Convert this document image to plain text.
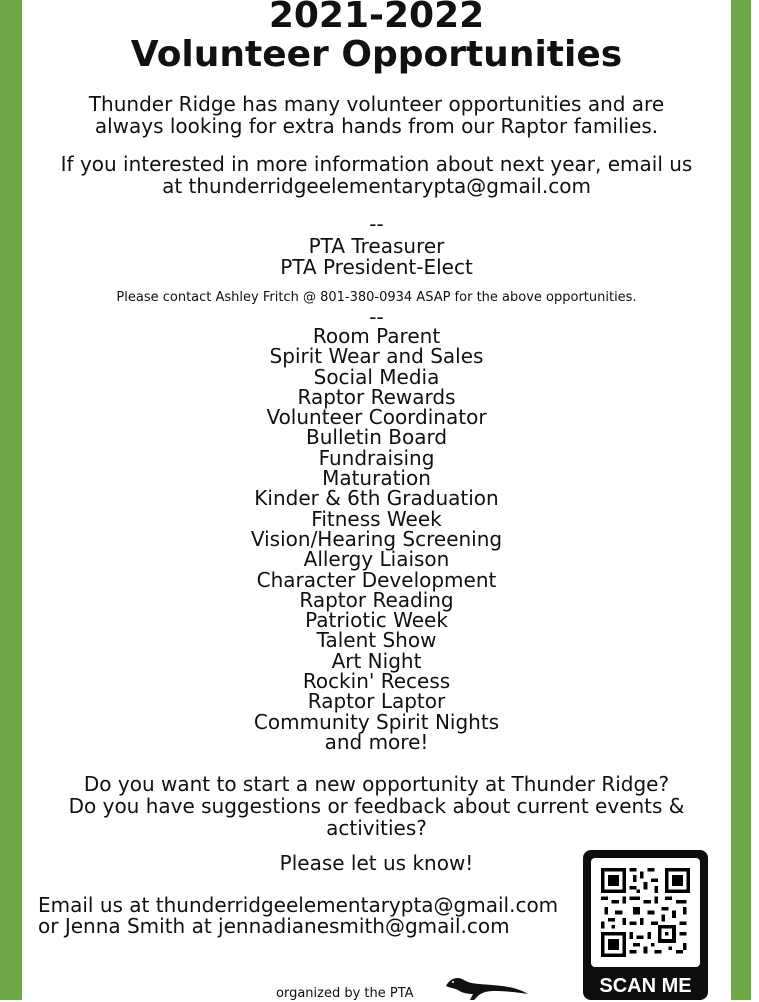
2021-2022
Volunteer Opportunities
Thunder Ridge has many volunteer opportunities and are
always looking for extra hands from our Raptor families.
If you interested in more information about next year, email us
at thunderridgeelementarypta@gmail.com
--
PTA Treasurer
PTA President-Elect
Please contact Ashley Fritch @ 801-380-0934 ASAP for the above opportunities.
--
Room Parent
Spirit Wear and Sales
Social Media
Raptor Rewards
Volunteer Coordinator
Bulletin Board
Fundraising
Maturation
Kinder & 6th Graduation
Fitness Week
Vision/Hearing Screening
Allergy Liaison
Character Development
Raptor Reading
Patriotic Week
Talent Show
Art Night
Rockin' Recess
Raptor Laptor
Community Spirit Nights
and more!
Do you want to start a new opportunity at Thunder Ridge?
Do you have suggestions or feedback about current events &
activities?
Please let us know!
Email us at thunderridgeelementarypta@gmail.com
or Jenna Smith at jennadianesmith@gmail.com
SCAN ME
organized by the PTA
